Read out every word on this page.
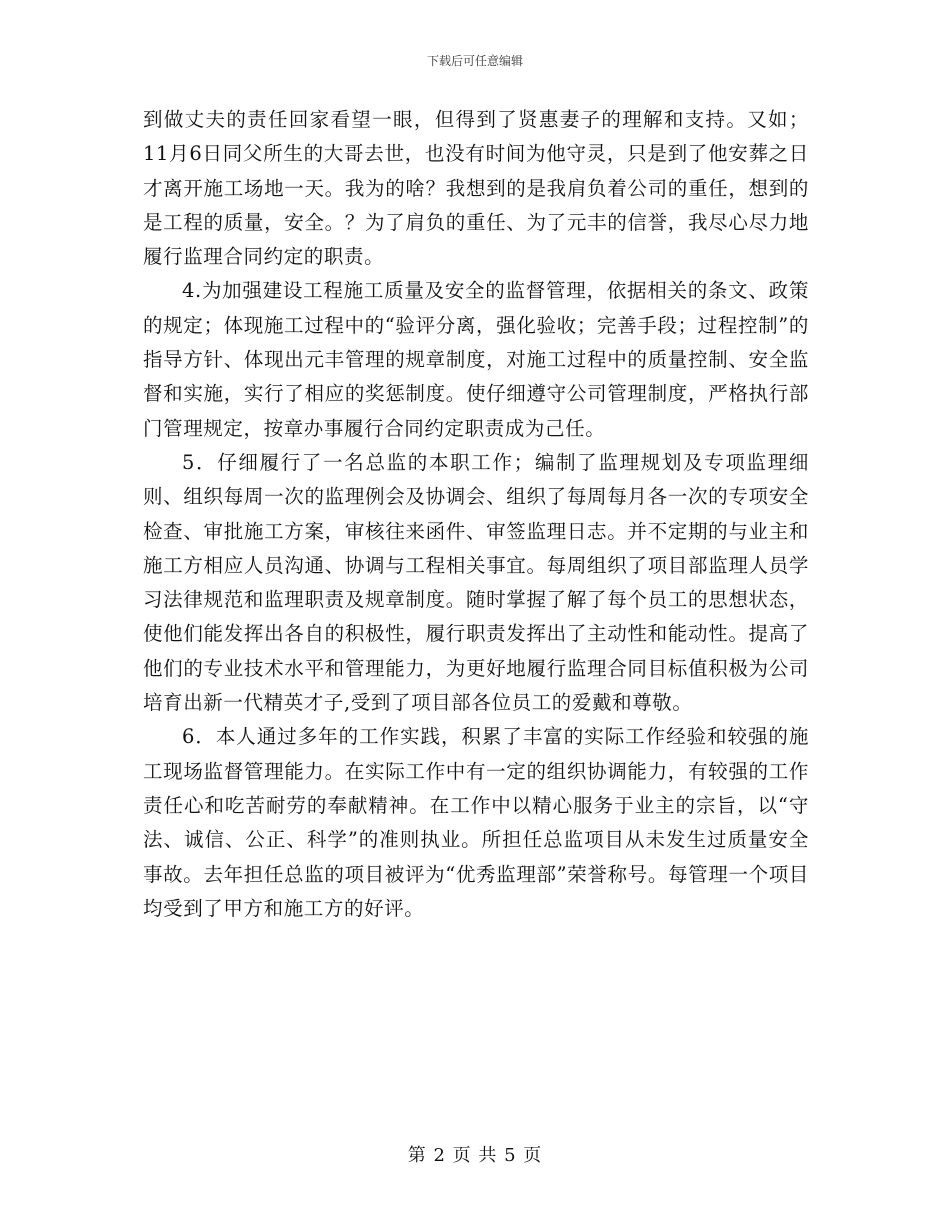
下载后可任意编辑

到做丈夫的责任回家看望一眼，但得到了贤惠妻子的理解和支持。又如；11月6日同父所生的大哥去世，也没有时间为他守灵，只是到了他安葬之日才离开施工场地一天。我为的啥？我想到的是我肩负着公司的重任，想到的是工程的质量，安全。？为了肩负的重任、为了元丰的信誉，我尽心尽力地履行监理合同约定的职责。

4.为加强建设工程施工质量及安全的监督管理，依据相关的条文、政策的规定；体现施工过程中的“验评分离，强化验收；完善手段；过程控制”的指导方针、体现出元丰管理的规章制度，对施工过程中的质量控制、安全监督和实施，实行了相应的奖惩制度。使仔细遵守公司管理制度，严格执行部门管理规定，按章办事履行合同约定职责成为己任。

5．仔细履行了一名总监的本职工作；编制了监理规划及专项监理细则、组织每周一次的监理例会及协调会、组织了每周每月各一次的专项安全检查、审批施工方案，审核往来函件、审签监理日志。并不定期的与业主和施工方相应人员沟通、协调与工程相关事宜。每周组织了项目部监理人员学习法律规范和监理职责及规章制度。随时掌握了解了每个员工的思想状态，使他们能发挥出各自的积极性，履行职责发挥出了主动性和能动性。提高了他们的专业技术水平和管理能力，为更好地履行监理合同目标值积极为公司培育出新一代精英才子,受到了项目部各位员工的爱戴和尊敬。

6．本人通过多年的工作实践，积累了丰富的实际工作经验和较强的施工现场监督管理能力。在实际工作中有一定的组织协调能力，有较强的工作责任心和吃苦耐劳的奉献精神。在工作中以精心服务于业主的宗旨，以“守法、诚信、公正、科学”的准则执业。所担任总监项目从未发生过质量安全事故。去年担任总监的项目被评为“优秀监理部”荣誉称号。每管理一个项目均受到了甲方和施工方的好评。

第 2 页 共 5 页
